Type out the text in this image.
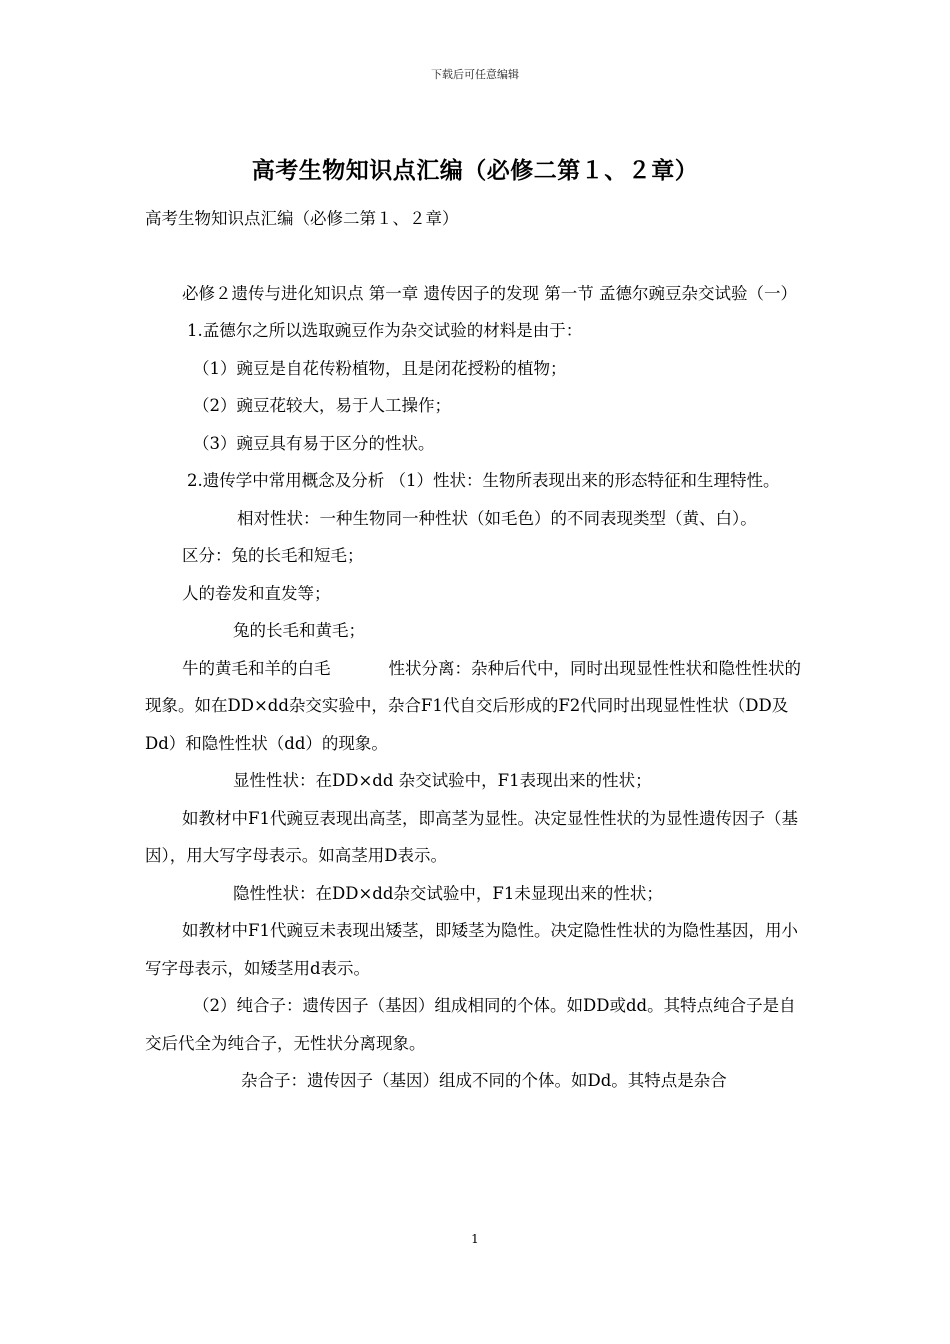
下载后可任意编辑
高考生物知识点汇编（必修二第１、２章）

高考生物知识点汇编（必修二第１、２章）

必修２遗传与进化知识点 第一章 遗传因子的发现 第一节 孟德尔豌豆杂交试验（一）

1.孟德尔之所以选取豌豆作为杂交试验的材料是由于：

（1）豌豆是自花传粉植物，且是闭花授粉的植物；

（2）豌豆花较大，易于人工操作；

（3）豌豆具有易于区分的性状。

2.遗传学中常用概念及分析 （1）性状：生物所表现出来的形态特征和生理特性。

相对性状：一种生物同一种性状（如毛色）的不同表现类型（黄、白）。

区分：兔的长毛和短毛；

人的卷发和直发等；

兔的长毛和黄毛；

牛的黄毛和羊的白毛	性状分离：杂种后代中，同时出现显性性状和隐性性状的现象。如在DD×dd杂交实验中，杂合F1代自交后形成的F2代同时出现显性性状（DD及Dd）和隐性性状（dd）的现象。

显性性状：在DD×dd 杂交试验中，F1表现出来的性状；

如教材中F1代豌豆表现出高茎，即高茎为显性。决定显性性状的为显性遗传因子（基因），用大写字母表示。如高茎用D表示。

隐性性状：在DD×dd杂交试验中，F1未显现出来的性状；

如教材中F1代豌豆未表现出矮茎，即矮茎为隐性。决定隐性性状的为隐性基因，用小写字母表示，如矮茎用d表示。

（2）纯合子：遗传因子（基因）组成相同的个体。如DD或dd。其特点纯合子是自交后代全为纯合子，无性状分离现象。

杂合子：遗传因子（基因）组成不同的个体。如Dd。其特点是杂合

1
